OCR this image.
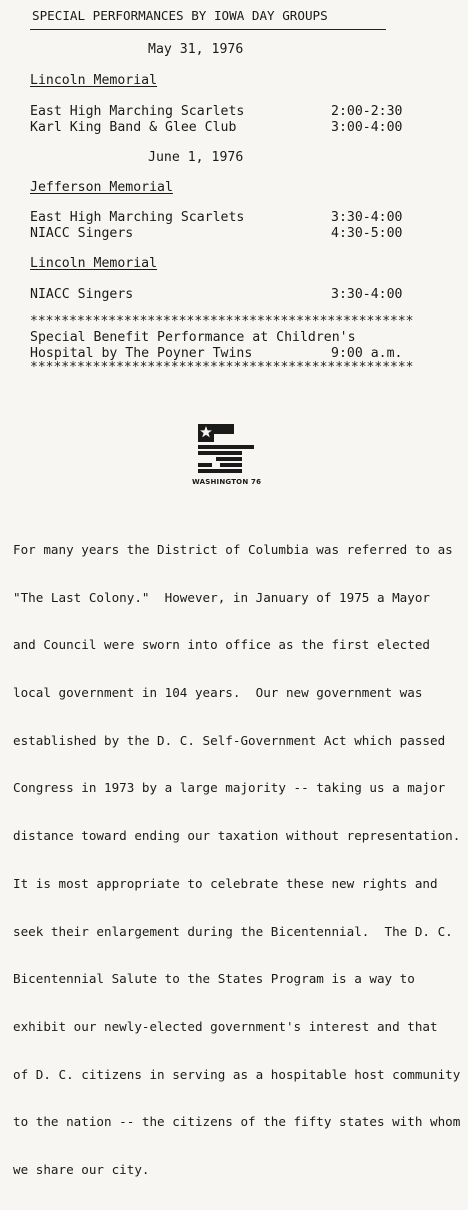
SPECIAL PERFORMANCES BY IOWA DAY GROUPS
May 31, 1976
Lincoln Memorial
East High Marching Scarlets	2:00-2:30
Karl King Band & Glee Club	3:00-4:00
June 1, 1976
Jefferson Memorial
East High Marching Scarlets	3:30-4:00
NIACC Singers	4:30-5:00
Lincoln Memorial
NIACC Singers	3:30-4:00
*************************************************
Special Benefit Performance at Children's
Hospital by The Poyner Twins	9:00 a.m.
*************************************************
WASHINGTON 76

For many years the District of Columbia was referred to as

"The Last Colony."  However, in January of 1975 a Mayor

and Council were sworn into office as the first elected

local government in 104 years.  Our new government was

established by the D. C. Self-Government Act which passed

Congress in 1973 by a large majority -- taking us a major

distance toward ending our taxation without representation.

It is most appropriate to celebrate these new rights and

seek their enlargement during the Bicentennial.  The D. C.

Bicentennial Salute to the States Program is a way to

exhibit our newly-elected government's interest and that

of D. C. citizens in serving as a hospitable host community

to the nation -- the citizens of the fifty states with whom

we share our city.
